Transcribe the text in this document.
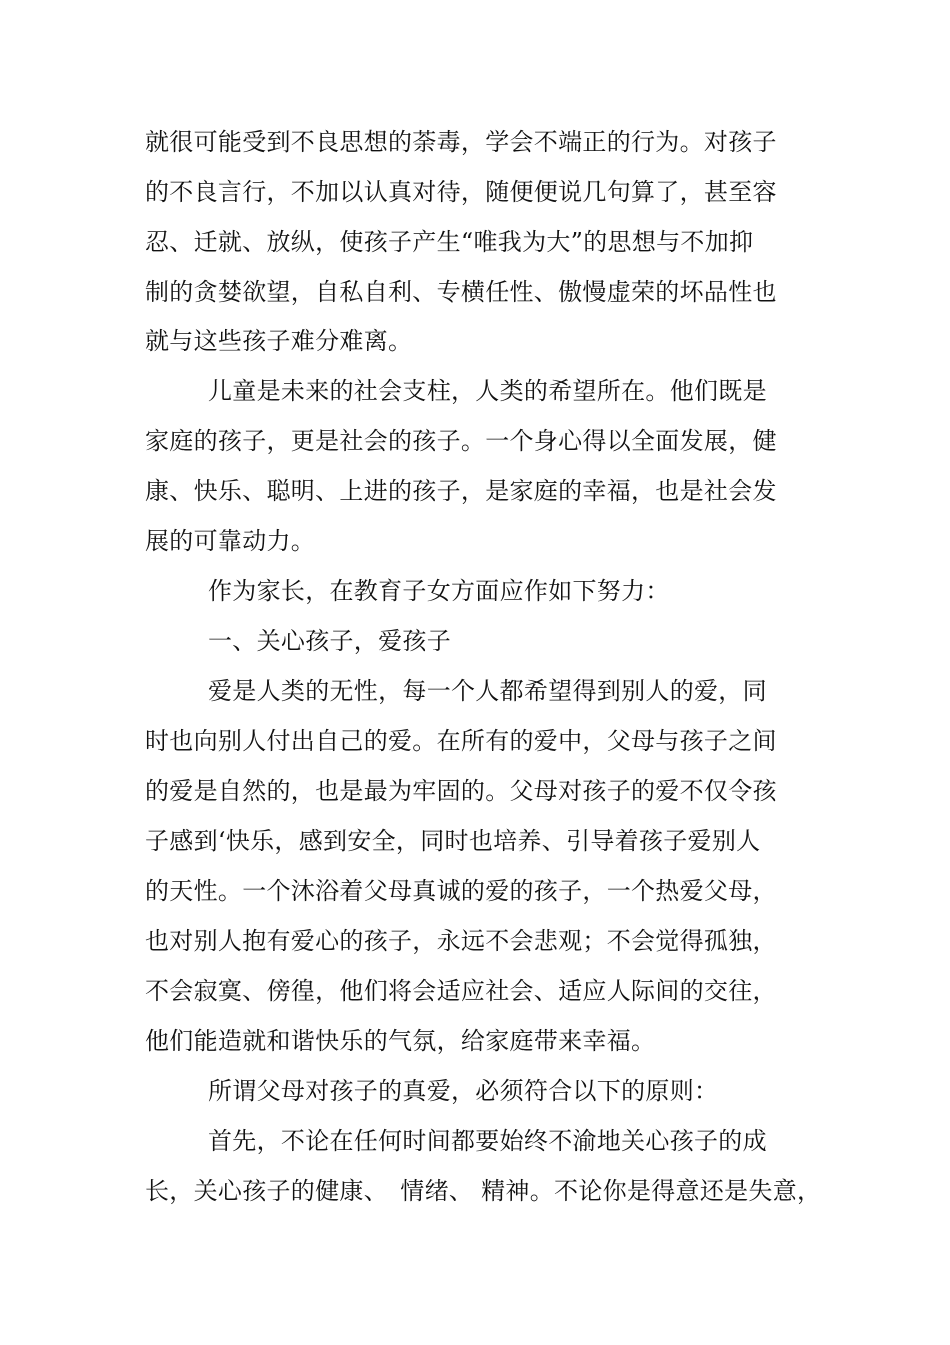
就很可能受到不良思想的荼毒，学会不端正的行为。对孩子
的不良言行，不加以认真对待，随便便说几句算了，甚至容
忍、迁就、放纵，使孩子产生“唯我为大”的思想与不加抑
制的贪婪欲望，自私自利、专横任性、傲慢虚荣的坏品性也
就与这些孩子难分难离。
儿童是未来的社会支柱，人类的希望所在。他们既是
家庭的孩子，更是社会的孩子。一个身心得以全面发展，健
康、快乐、聪明、上进的孩子，是家庭的幸福，也是社会发
展的可靠动力。
作为家长，在教育子女方面应作如下努力：
一、关心孩子，爱孩子
爱是人类的无性，每一个人都希望得到别人的爱，同
时也向别人付出自己的爱。在所有的爱中，父母与孩子之间
的爱是自然的，也是最为牢固的。父母对孩子的爱不仅令孩
子感到‘快乐，感到安全，同时也培养、引导着孩子爱别人
的天性。一个沐浴着父母真诚的爱的孩子，一个热爱父母，
也对别人抱有爱心的孩子，永远不会悲观；不会觉得孤独，
不会寂寞、傍徨，他们将会适应社会、适应人际间的交往，
他们能造就和谐快乐的气氛，给家庭带来幸福。
所谓父母对孩子的真爱，必须符合以下的原则：
首先，不论在任何时间都要始终不渝地关心孩子的成
长，关心孩子的健康、　情绪、 精神。不论你是得意还是失意，
